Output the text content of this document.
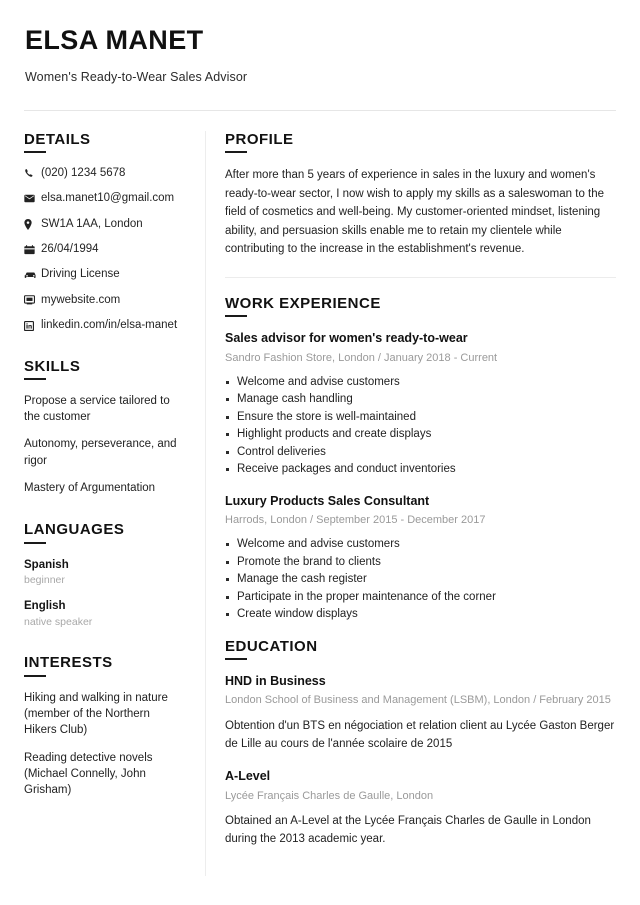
ELSA MANET
Women's Ready-to-Wear Sales Advisor
DETAILS
(020) 1234 5678
elsa.manet10@gmail.com
SW1A 1AA, London
26/04/1994
Driving License
mywebsite.com
linkedin.com/in/elsa-manet
SKILLS
Propose a service tailored to the customer
Autonomy, perseverance, and rigor
Mastery of Argumentation
LANGUAGES
Spanish
beginner
English
native speaker
INTERESTS
Hiking and walking in nature (member of the Northern Hikers Club)
Reading detective novels (Michael Connelly, John Grisham)
PROFILE

After more than 5 years of experience in sales in the luxury and women's ready-to-wear sector, I now wish to apply my skills as a saleswoman to the field of cosmetics and well-being. My customer-oriented mindset, listening ability, and persuasion skills enable me to retain my clientele while contributing to the increase in the establishment's revenue.

WORK EXPERIENCE
Sales advisor for women's ready-to-wear
Sandro Fashion Store, London / January 2018 - Current
Welcome and advise customers
Manage cash handling
Ensure the store is well-maintained
Highlight products and create displays
Control deliveries
Receive packages and conduct inventories
Luxury Products Sales Consultant
Harrods, London / September 2015 - December 2017
Welcome and advise customers
Promote the brand to clients
Manage the cash register
Participate in the proper maintenance of the corner
Create window displays
EDUCATION
HND in Business
London School of Business and Management (LSBM), London / February 2015

Obtention d'un BTS en négociation et relation client au Lycée Gaston Berger de Lille au cours de l'année scolaire de 2015

A-Level
Lycée Français Charles de Gaulle, London

Obtained an A-Level at the Lycée Français Charles de Gaulle in London during the 2013 academic year.
